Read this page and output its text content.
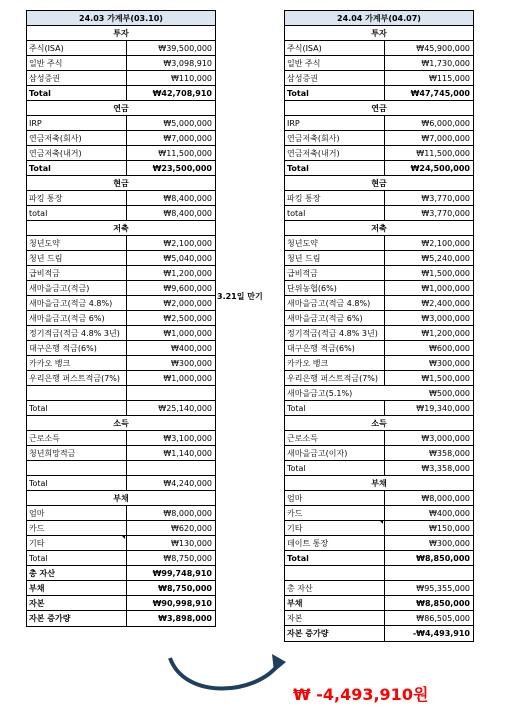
24.03 가계부(03.10)
투자
주식(ISA)	₩39,500,000
일반 주식	₩3,098,910
삼성증권	₩110,000
Total	₩42,708,910
연금
IRP	₩5,000,000
연금저축(회사)	₩7,000,000
연금저축(내거)	₩11,500,000
Total	₩23,500,000
현금
파킹 통장	₩8,400,000
total	₩8,400,000
저축
청년도약	₩2,100,000
청년 드림	₩5,040,000
급비적금	₩1,200,000
새마을금고(적금)	₩9,600,000
새마을금고(적금 4.8%)	₩2,000,000
새마을금고(적금 6%)	₩2,500,000
정기적금(적금 4.8% 3년)	₩1,000,000
대구은행 적금(6%)	₩400,000
카카오 뱅크	₩300,000
우리은행 퍼스트적금(7%)	₩1,000,000
Total	₩25,140,000
소득
근로소득	₩3,100,000
청년희망적금	₩1,140,000
Total	₩4,240,000
부채
엄마	₩8,000,000
카드	₩620,000
기타	₩130,000
Total	₩8,750,000
총 자산	₩99,748,910
부채	₩8,750,000
자본	₩90,998,910
자본 증가량	₩3,898,000
24.04 가계부(04.07)
투자
주식(ISA)	₩45,900,000
일반 주식	₩1,730,000
삼성증권	₩115,000
Total	₩47,745,000
연금
IRP	₩6,000,000
연금저축(회사)	₩7,000,000
연금저축(내거)	₩11,500,000
Total	₩24,500,000
현금
파킹 통장	₩3,770,000
total	₩3,770,000
저축
청년도약	₩2,100,000
청년 드림	₩5,240,000
급비적금	₩1,500,000
단위농협(6%)	₩1,000,000
새마을금고(적금 4.8%)	₩2,400,000
새마을금고(적금 6%)	₩3,000,000
정기적금(적금 4.8% 3년)	₩1,200,000
대구은행 적금(6%)	₩600,000
카카오 뱅크	₩300,000
우리은행 퍼스트적금(7%)	₩1,500,000
새마을금고(5.1%)	₩500,000
Total	₩19,340,000
소득
근로소득	₩3,000,000
새마을금고(이자)	₩358,000
Total	₩3,358,000
부채
엄마	₩8,000,000
카드	₩400,000
기타	₩150,000
데이트 통장	₩300,000
Total	₩8,850,000
총 자산	₩95,355,000
부채	₩8,850,000
자본	₩86,505,000
자본 증가량	-₩4,493,910
3.21일 만기
₩ -4,493,910원
